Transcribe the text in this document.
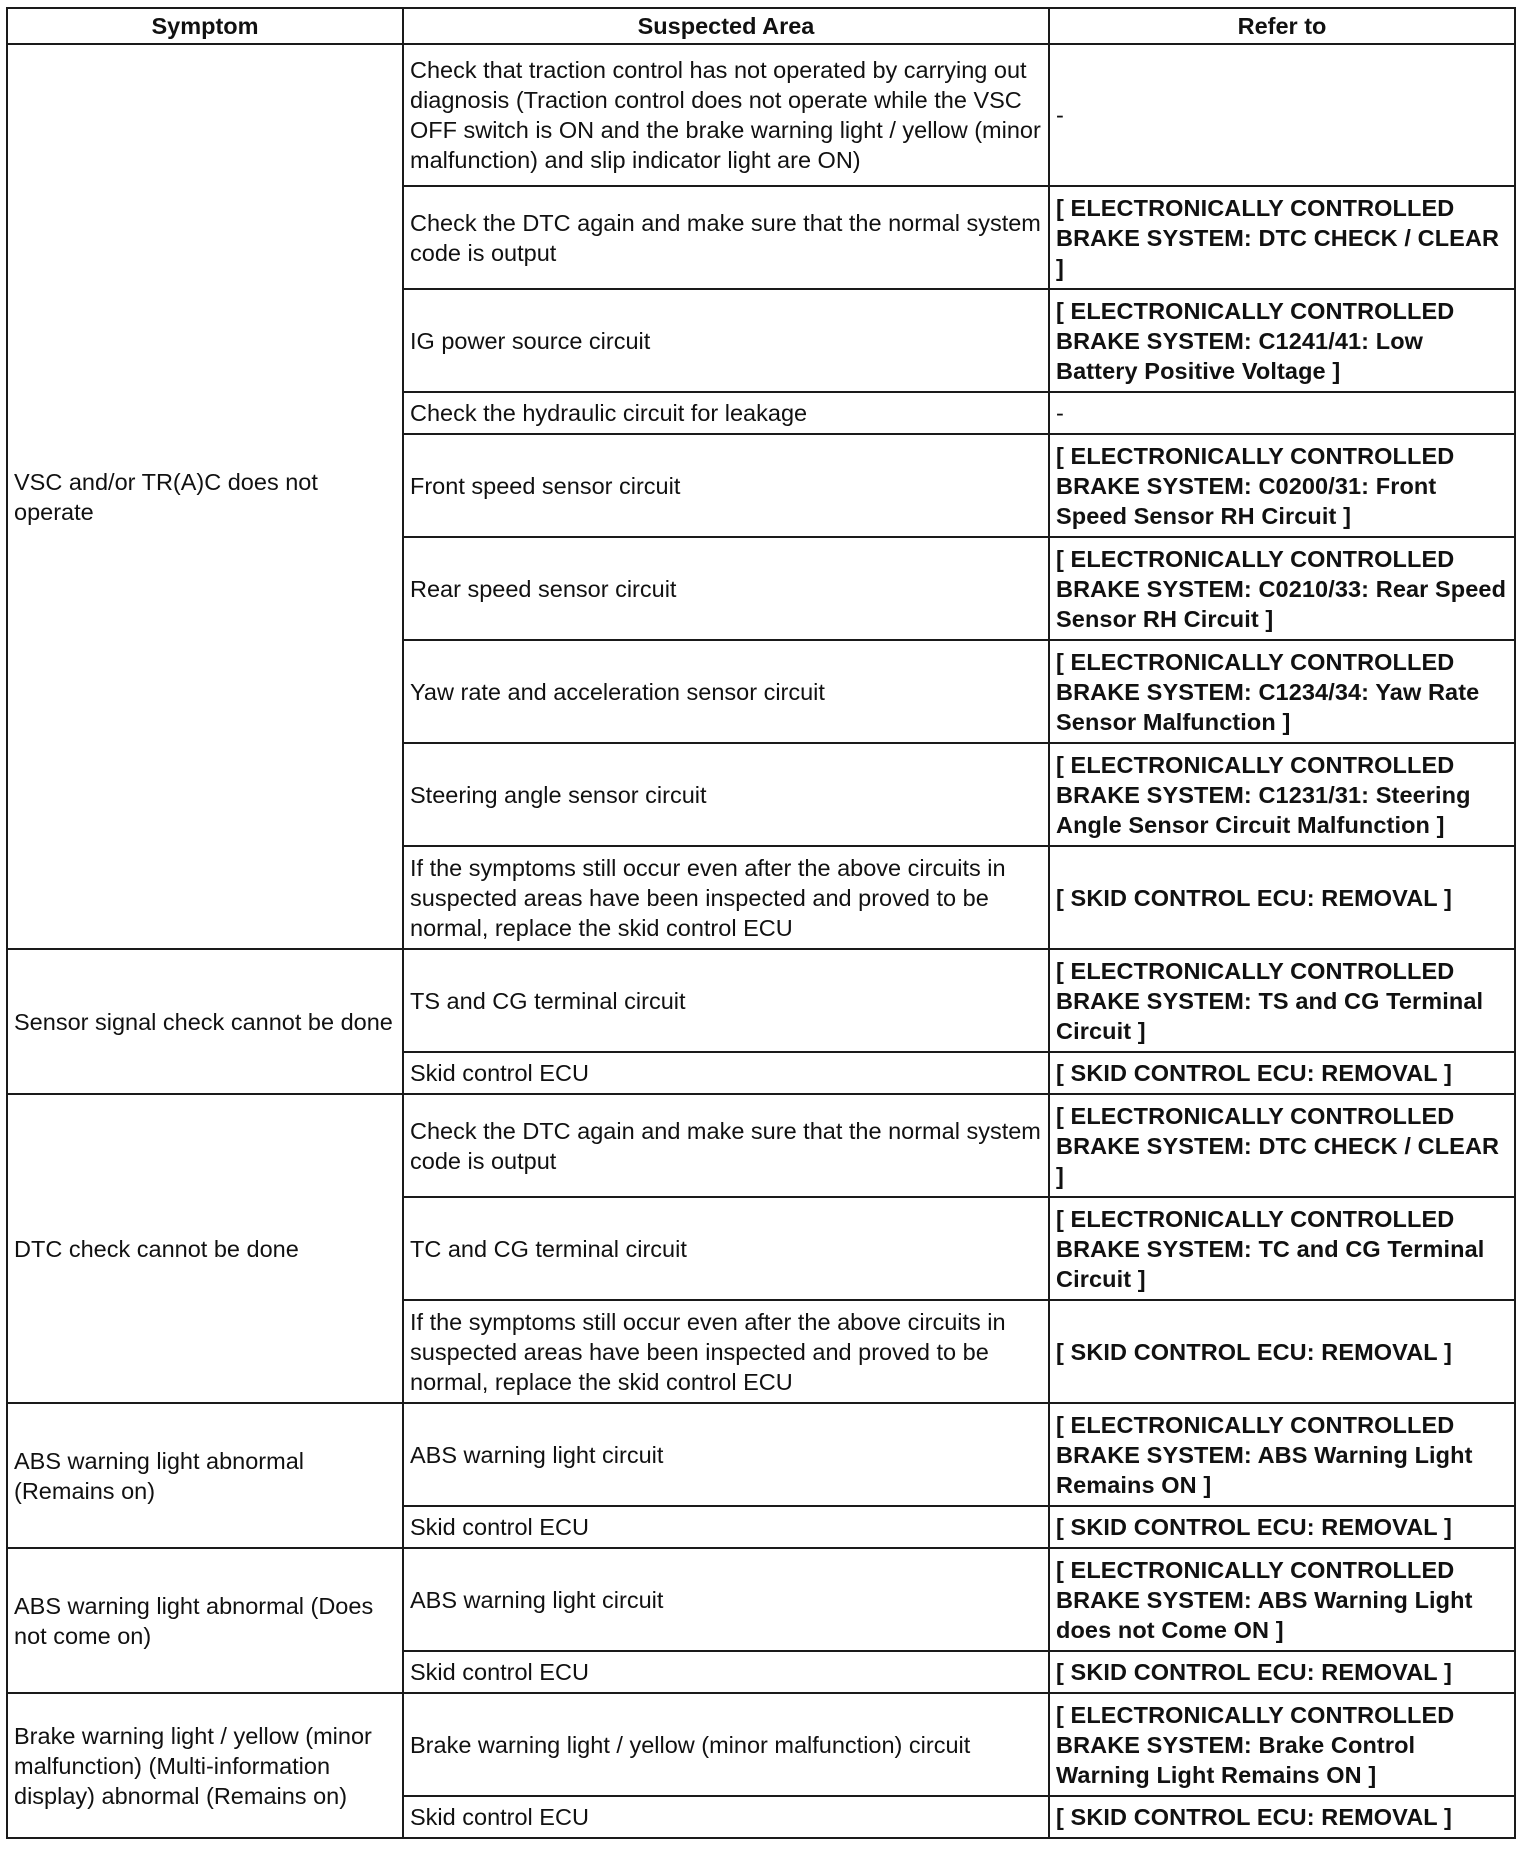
Symptom	Suspected Area	Refer to
VSC and/or TR(A)C does not operate	Check that traction control has not operated by carrying out diagnosis (Traction control does not operate while the VSC OFF switch is ON and the brake warning light / yellow (minor malfunction) and slip indicator light are ON)	-
	Check the DTC again and make sure that the normal system code is output	[ ELECTRONICALLY CONTROLLED BRAKE SYSTEM: DTC CHECK / CLEAR ]
	IG power source circuit	[ ELECTRONICALLY CONTROLLED BRAKE SYSTEM: C1241/41: Low Battery Positive Voltage ]
	Check the hydraulic circuit for leakage	-
	Front speed sensor circuit	[ ELECTRONICALLY CONTROLLED BRAKE SYSTEM: C0200/31: Front Speed Sensor RH Circuit ]
	Rear speed sensor circuit	[ ELECTRONICALLY CONTROLLED BRAKE SYSTEM: C0210/33: Rear Speed Sensor RH Circuit ]
	Yaw rate and acceleration sensor circuit	[ ELECTRONICALLY CONTROLLED BRAKE SYSTEM: C1234/34: Yaw Rate Sensor Malfunction ]
	Steering angle sensor circuit	[ ELECTRONICALLY CONTROLLED BRAKE SYSTEM: C1231/31: Steering Angle Sensor Circuit Malfunction ]
	If the symptoms still occur even after the above circuits in suspected areas have been inspected and proved to be normal, replace the skid control ECU	[ SKID CONTROL ECU: REMOVAL ]
Sensor signal check cannot be done	TS and CG terminal circuit	[ ELECTRONICALLY CONTROLLED BRAKE SYSTEM: TS and CG Terminal Circuit ]
	Skid control ECU	[ SKID CONTROL ECU: REMOVAL ]
DTC check cannot be done	Check the DTC again and make sure that the normal system code is output	[ ELECTRONICALLY CONTROLLED BRAKE SYSTEM: DTC CHECK / CLEAR ]
	TC and CG terminal circuit	[ ELECTRONICALLY CONTROLLED BRAKE SYSTEM: TC and CG Terminal Circuit ]
	If the symptoms still occur even after the above circuits in suspected areas have been inspected and proved to be normal, replace the skid control ECU	[ SKID CONTROL ECU: REMOVAL ]
ABS warning light abnormal (Remains on)	ABS warning light circuit	[ ELECTRONICALLY CONTROLLED BRAKE SYSTEM: ABS Warning Light Remains ON ]
	Skid control ECU	[ SKID CONTROL ECU: REMOVAL ]
ABS warning light abnormal (Does not come on)	ABS warning light circuit	[ ELECTRONICALLY CONTROLLED BRAKE SYSTEM: ABS Warning Light does not Come ON ]
	Skid control ECU	[ SKID CONTROL ECU: REMOVAL ]
Brake warning light / yellow (minor malfunction) (Multi-information display) abnormal (Remains on)	Brake warning light / yellow (minor malfunction) circuit	[ ELECTRONICALLY CONTROLLED BRAKE SYSTEM: Brake Control Warning Light Remains ON ]
	Skid control ECU	[ SKID CONTROL ECU: REMOVAL ]
